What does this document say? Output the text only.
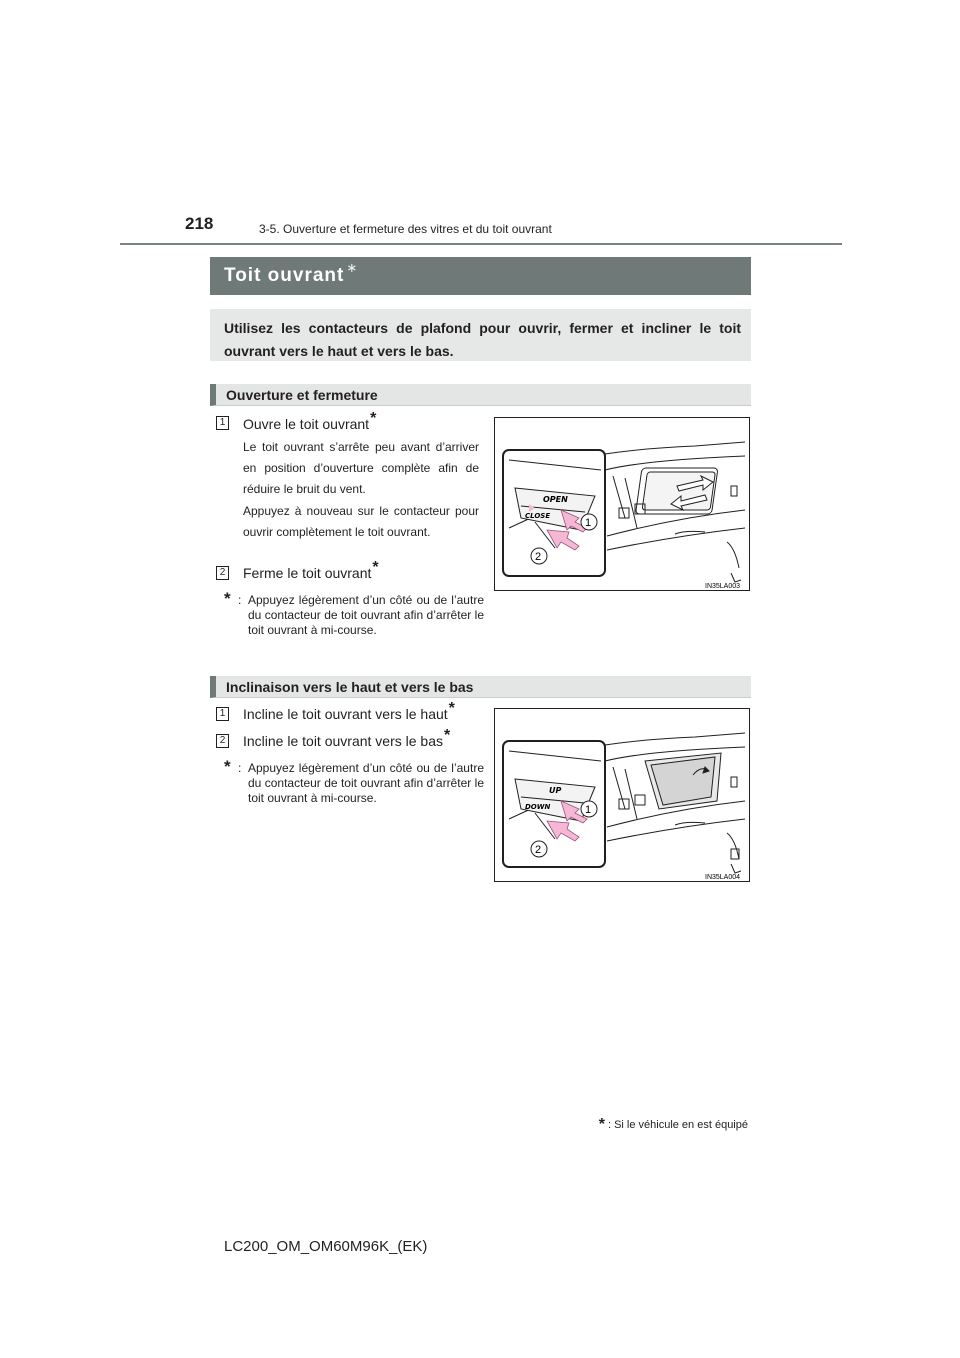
218	3-5. Ouverture et fermeture des vitres et du toit ouvrant
Toit ouvrant ∗
Utilisez les contacteurs de plafond pour ouvrir, fermer et incliner le toit ouvrant vers le haut et vers le bas.
Ouverture et fermeture
1 Ouvre le toit ouvrant*
Le toit ouvrant s’arrête peu avant d’arriver en position d’ouverture complète afin de réduire le bruit du vent.
Appuyez à nouveau sur le contacteur pour ouvrir complètement le toit ouvrant.
2 Ferme le toit ouvrant*
* : Appuyez légèrement d’un côté ou de l’autre du contacteur de toit ouvrant afin d’arrêter le toit ouvrant à mi-course.
OPEN
CLOSE
1
2
IN35LA003
Inclinaison vers le haut et vers le bas
1 Incline le toit ouvrant vers le haut*
2 Incline le toit ouvrant vers le bas*
* : Appuyez légèrement d’un côté ou de l’autre du contacteur de toit ouvrant afin d’arrêter le toit ouvrant à mi-course.
UP
DOWN	1
2
IN35LA004
* : Si le véhicule en est équipé
LC200_OM_OM60M96K_(EK)
